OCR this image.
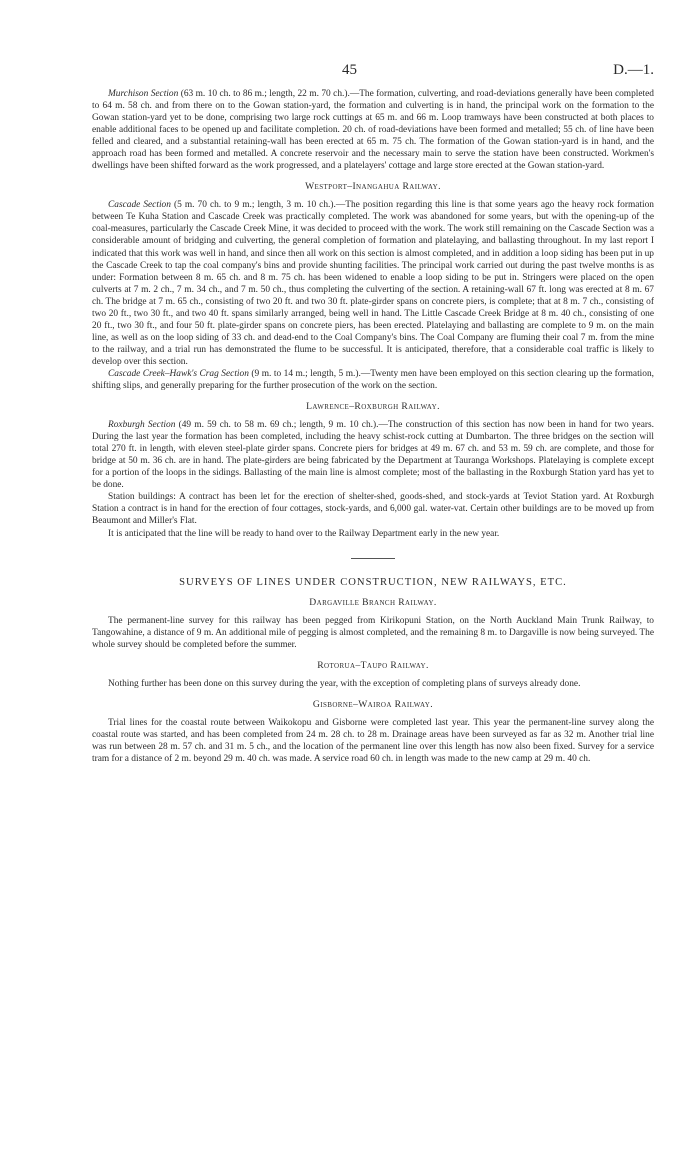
45	D.—1.

Murchison Section (63 m. 10 ch. to 86 m.; length, 22 m. 70 ch.).—The formation, culverting, and road-deviations generally have been completed to 64 m. 58 ch. and from there on to the Gowan station-yard, the formation and culverting is in hand, the principal work on the formation to the Gowan station-yard yet to be done, comprising two large rock cuttings at 65 m. and 66 m. Loop tramways have been constructed at both places to enable additional faces to be opened up and facilitate completion. 20 ch. of road-deviations have been formed and metalled; 55 ch. of line have been felled and cleared, and a substantial retaining-wall has been erected at 65 m. 75 ch. The formation of the Gowan station-yard is in hand, and the approach road has been formed and metalled. A concrete reservoir and the necessary main to serve the station have been constructed. Workmen's dwellings have been shifted forward as the work progressed, and a platelayers' cottage and large store erected at the Gowan station-yard.

Westport–Inangahua Railway.

Cascade Section (5 m. 70 ch. to 9 m.; length, 3 m. 10 ch.).—The position regarding this line is that some years ago the heavy rock formation between Te Kuha Station and Cascade Creek was practically completed. The work was abandoned for some years, but with the opening-up of the coal-measures, particularly the Cascade Creek Mine, it was decided to proceed with the work. The work still remaining on the Cascade Section was a considerable amount of bridging and culverting, the general completion of formation and platelaying, and ballasting throughout. In my last report I indicated that this work was well in hand, and since then all work on this section is almost completed, and in addition a loop siding has been put in up the Cascade Creek to tap the coal company's bins and provide shunting facilities. The principal work carried out during the past twelve months is as under: Formation between 8 m. 65 ch. and 8 m. 75 ch. has been widened to enable a loop siding to be put in. Stringers were placed on the open culverts at 7 m. 2 ch., 7 m. 34 ch., and 7 m. 50 ch., thus completing the culverting of the section. A retaining-wall 67 ft. long was erected at 8 m. 67 ch. The bridge at 7 m. 65 ch., consisting of two 20 ft. and two 30 ft. plate-girder spans on concrete piers, is complete; that at 8 m. 7 ch., consisting of two 20 ft., two 30 ft., and two 40 ft. spans similarly arranged, being well in hand. The Little Cascade Creek Bridge at 8 m. 40 ch., consisting of one 20 ft., two 30 ft., and four 50 ft. plate-girder spans on concrete piers, has been erected. Platelaying and ballasting are complete to 9 m. on the main line, as well as on the loop siding of 33 ch. and dead-end to the Coal Company's bins. The Coal Company are fluming their coal 7 m. from the mine to the railway, and a trial run has demonstrated the flume to be successful. It is anticipated, therefore, that a considerable coal traffic is likely to develop over this section.

Cascade Creek–Hawk's Crag Section (9 m. to 14 m.; length, 5 m.).—Twenty men have been employed on this section clearing up the formation, shifting slips, and generally preparing for the further prosecution of the work on the section.

Lawrence–Roxburgh Railway.

Roxburgh Section (49 m. 59 ch. to 58 m. 69 ch.; length, 9 m. 10 ch.).—The construction of this section has now been in hand for two years. During the last year the formation has been completed, including the heavy schist-rock cutting at Dumbarton. The three bridges on the section will total 270 ft. in length, with eleven steel-plate girder spans. Concrete piers for bridges at 49 m. 67 ch. and 53 m. 59 ch. are complete, and those for bridge at 50 m. 36 ch. are in hand. The plate-girders are being fabricated by the Department at Tauranga Workshops. Platelaying is complete except for a portion of the loops in the sidings. Ballasting of the main line is almost complete; most of the ballasting in the Roxburgh Station yard has yet to be done.

Station buildings: A contract has been let for the erection of shelter-shed, goods-shed, and stock-yards at Teviot Station yard. At Roxburgh Station a contract is in hand for the erection of four cottages, stock-yards, and 6,000 gal. water-vat. Certain other buildings are to be moved up from Beaumont and Miller's Flat.

It is anticipated that the line will be ready to hand over to the Railway Department early in the new year.

SURVEYS OF LINES UNDER CONSTRUCTION, NEW RAILWAYS, ETC.
Dargaville Branch Railway.

The permanent-line survey for this railway has been pegged from Kirikopuni Station, on the North Auckland Main Trunk Railway, to Tangowahine, a distance of 9 m. An additional mile of pegging is almost completed, and the remaining 8 m. to Dargaville is now being surveyed. The whole survey should be completed before the summer.

Rotorua–Taupo Railway.

Nothing further has been done on this survey during the year, with the exception of completing plans of surveys already done.

Gisborne–Wairoa Railway.

Trial lines for the coastal route between Waikokopu and Gisborne were completed last year. This year the permanent-line survey along the coastal route was started, and has been completed from 24 m. 28 ch. to 28 m. Drainage areas have been surveyed as far as 32 m. Another trial line was run between 28 m. 57 ch. and 31 m. 5 ch., and the location of the permanent line over this length has now also been fixed. Survey for a service tram for a distance of 2 m. beyond 29 m. 40 ch. was made. A service road 60 ch. in length was made to the new camp at 29 m. 40 ch.
